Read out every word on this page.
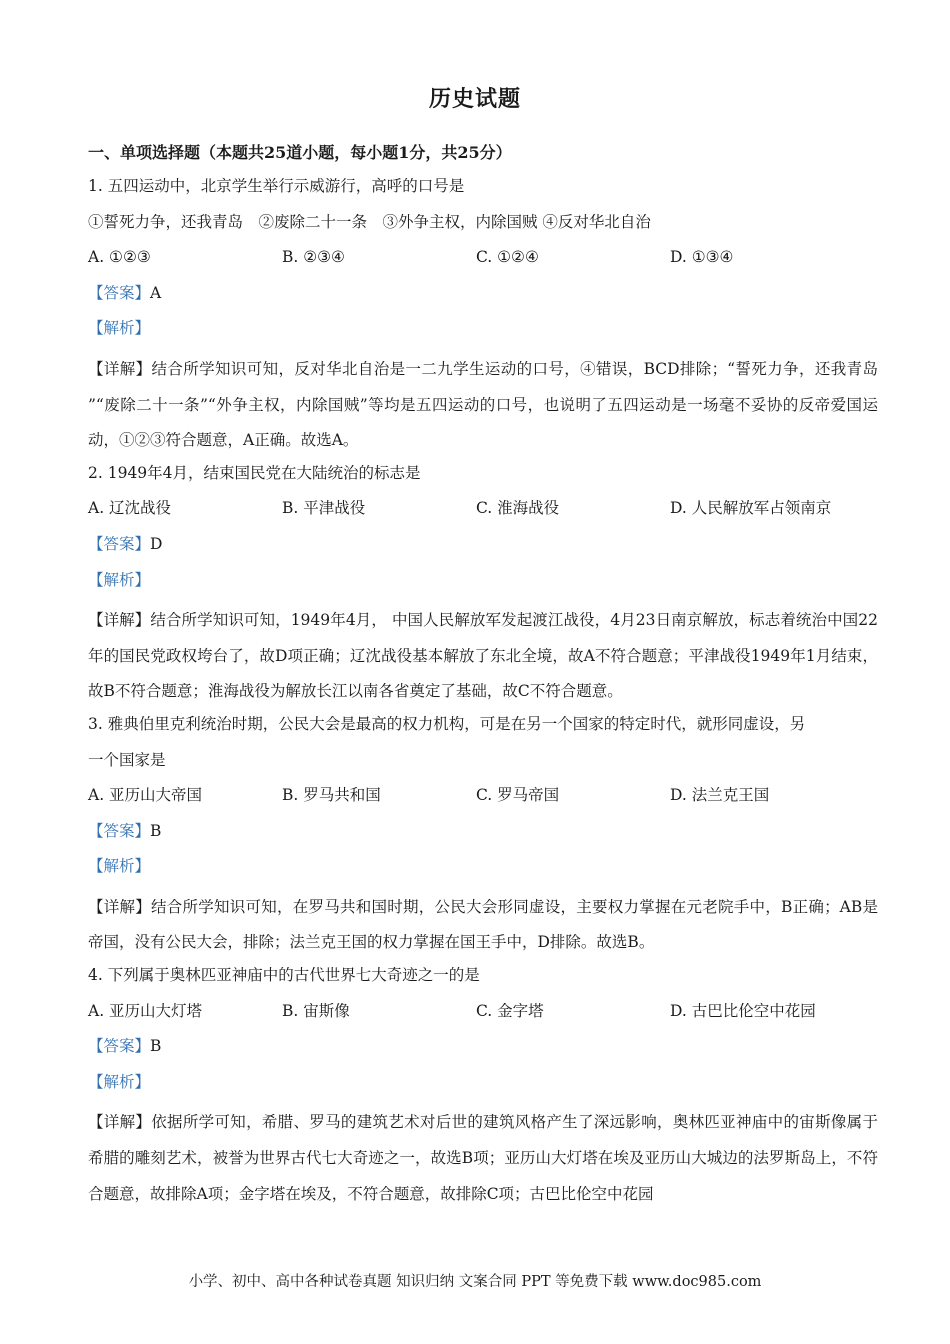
历史试题
一、单项选择题（本题共25道小题，每小题1分，共25分）
1. 五四运动中，北京学生举行示威游行，高呼的口号是
①誓死力争，还我青岛　②废除二十一条　③外争主权，内除国贼 ④反对华北自治
A. ①②③	B. ②③④	C. ①②④	D. ①③④
【答案】A
【解析】
【详解】结合所学知识可知，反对华北自治是一二九学生运动的口号，④错误，BCD排除；“誓死力争，还我青岛 ”“废除二十一条”“外争主权，内除国贼”等均是五四运动的口号，也说明了五四运动是一场毫不妥协的反帝爱国运动，①②③符合题意，A正确。故选A。
2. 1949年4月，结束国民党在大陆统治的标志是
A. 辽沈战役	B. 平津战役	C. 淮海战役	D. 人民解放军占领南京
【答案】D
【解析】
【详解】结合所学知识可知，1949年4月， 中国人民解放军发起渡江战役，4月23日南京解放，标志着统治中国22年的国民党政权垮台了，故D项正确；辽沈战役基本解放了东北全境，故A不符合题意；平津战役1949年1月结束，故B不符合题意；淮海战役为解放长江以南各省奠定了基础，故C不符合题意。
3. 雅典伯里克利统治时期，公民大会是最高的权力机构，可是在另一个国家的特定时代，就形同虚设，另
一个国家是
A. 亚历山大帝国	B. 罗马共和国	C. 罗马帝国	D. 法兰克王国
【答案】B
【解析】
【详解】结合所学知识可知，在罗马共和国时期，公民大会形同虚设，主要权力掌握在元老院手中，B正确；AB是帝国，没有公民大会，排除；法兰克王国的权力掌握在国王手中，D排除。故选B。
4. 下列属于奥林匹亚神庙中的古代世界七大奇迹之一的是
A. 亚历山大灯塔	B. 宙斯像	C. 金字塔	D. 古巴比伦空中花园
【答案】B
【解析】
【详解】依据所学可知，希腊、罗马的建筑艺术对后世的建筑风格产生了深远影响，奥林匹亚神庙中的宙斯像属于希腊的雕刻艺术，被誉为世界古代七大奇迹之一，故选B项；亚历山大灯塔在埃及亚历山大城边的法罗斯岛上，不符合题意，故排除A项；金字塔在埃及，不符合题意，故排除C项；古巴比伦空中花园
小学、初中、高中各种试卷真题 知识归纳 文案合同 PPT 等免费下载 www.doc985.com
